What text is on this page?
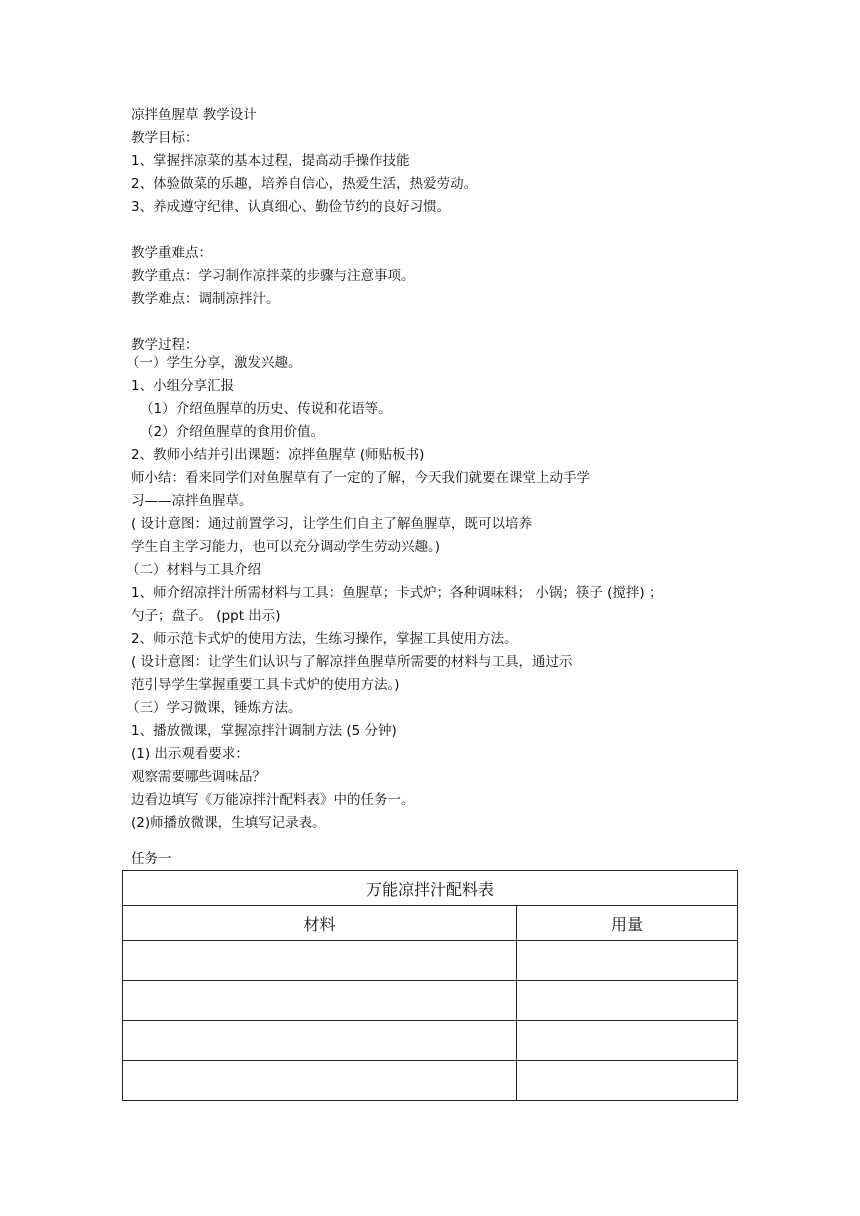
凉拌鱼腥草 教学设计
教学目标：
1、掌握拌凉菜的基本过程，提高动手操作技能
2、体验做菜的乐趣，培养自信心，热爱生活，热爱劳动。
3、养成遵守纪律、认真细心、勤俭节约的良好习惯。
教学重难点：
教学重点：学习制作凉拌菜的步骤与注意事项。
教学难点：调制凉拌汁。
教学过程：
（一）学生分享，激发兴趣。
1、小组分享汇报
（1）介绍鱼腥草的历史、传说和花语等。
（2）介绍鱼腥草的食用价值。
2、教师小结并引出课题：凉拌鱼腥草 (师贴板书)
师小结：看来同学们对鱼腥草有了一定的了解，今天我们就要在课堂上动手学
习——凉拌鱼腥草。
( 设计意图：通过前置学习，让学生们自主了解鱼腥草，既可以培养
学生自主学习能力，也可以充分调动学生劳动兴趣。)
（二）材料与工具介绍
1、师介绍凉拌汁所需材料与工具：鱼腥草；卡式炉；各种调味料； 小锅；筷子 (搅拌) ；
勺子；盘子。 (ppt 出示)
2、师示范卡式炉的使用方法，生练习操作，掌握工具使用方法。
( 设计意图：让学生们认识与了解凉拌鱼腥草所需要的材料与工具，通过示
范引导学生掌握重要工具卡式炉的使用方法。)
（三）学习微课，锤炼方法。
1、播放微课，掌握凉拌汁调制方法 (5 分钟)
(1) 出示观看要求：
观察需要哪些调味品？
边看边填写《万能凉拌汁配料表》中的任务一。
(2)师播放微课，生填写记录表。
任务一
万能凉拌汁配料表	
材料	用量
